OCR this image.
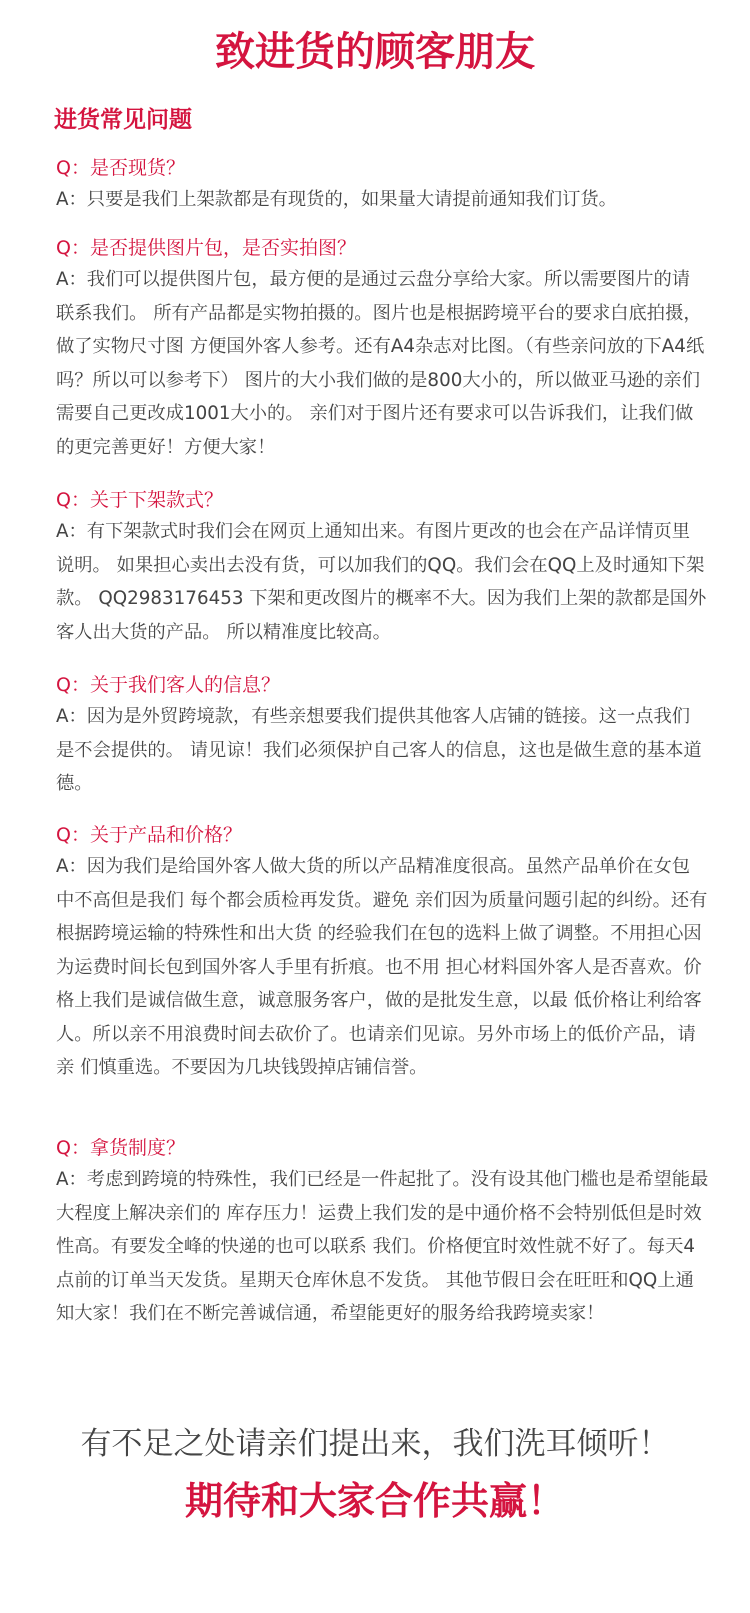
致进货的顾客朋友
进货常见问题

Q：是否现货？

A：只要是我们上架款都是有现货的，如果量大请提前通知我们订货。

Q：是否提供图片包，是否实拍图？

A：我们可以提供图片包，最方便的是通过云盘分享给大家。所以需要图片的请联系我们。 所有产品都是实物拍摄的。图片也是根据跨境平台的要求白底拍摄，做了实物尺寸图 方便国外客人参考。还有A4杂志对比图。（有些亲问放的下A4纸吗？所以可以参考下） 图片的大小我们做的是800大小的，所以做亚马逊的亲们需要自己更改成1001大小的。 亲们对于图片还有要求可以告诉我们，让我们做的更完善更好！方便大家！

Q：关于下架款式？

A：有下架款式时我们会在网页上通知出来。有图片更改的也会在产品详情页里说明。 如果担心卖出去没有货，可以加我们的QQ。我们会在QQ上及时通知下架款。 QQ2983176453 下架和更改图片的概率不大。因为我们上架的款都是国外客人出大货的产品。 所以精准度比较高。

Q：关于我们客人的信息？

A：因为是外贸跨境款，有些亲想要我们提供其他客人店铺的链接。这一点我们是不会提供的。 请见谅！我们必须保护自己客人的信息，这也是做生意的基本道德。

Q：关于产品和价格？

A：因为我们是给国外客人做大货的所以产品精准度很高。虽然产品单价在女包中不高但是我们 每个都会质检再发货。避免 亲们因为质量问题引起的纠纷。还有根据跨境运输的特殊性和出大货 的经验我们在包的选料上做了调整。不用担心因为运费时间长包到国外客人手里有折痕。也不用 担心材料国外客人是否喜欢。价格上我们是诚信做生意，诚意服务客户，做的是批发生意，以最 低价格让利给客人。所以亲不用浪费时间去砍价了。也请亲们见谅。另外市场上的低价产品，请亲 们慎重选。不要因为几块钱毁掉店铺信誉。

Q：拿货制度？

A：考虑到跨境的特殊性，我们已经是一件起批了。没有设其他门槛也是希望能最大程度上解决亲们的 库存压力！运费上我们发的是中通价格不会特别低但是时效性高。有要发全峰的快递的也可以联系 我们。价格便宜时效性就不好了。每天4点前的订单当天发货。星期天仓库休息不发货。 其他节假日会在旺旺和QQ上通知大家！我们在不断完善诚信通，希望能更好的服务给我跨境卖家！

有不足之处请亲们提出来，我们洗耳倾听！

期待和大家合作共赢！
